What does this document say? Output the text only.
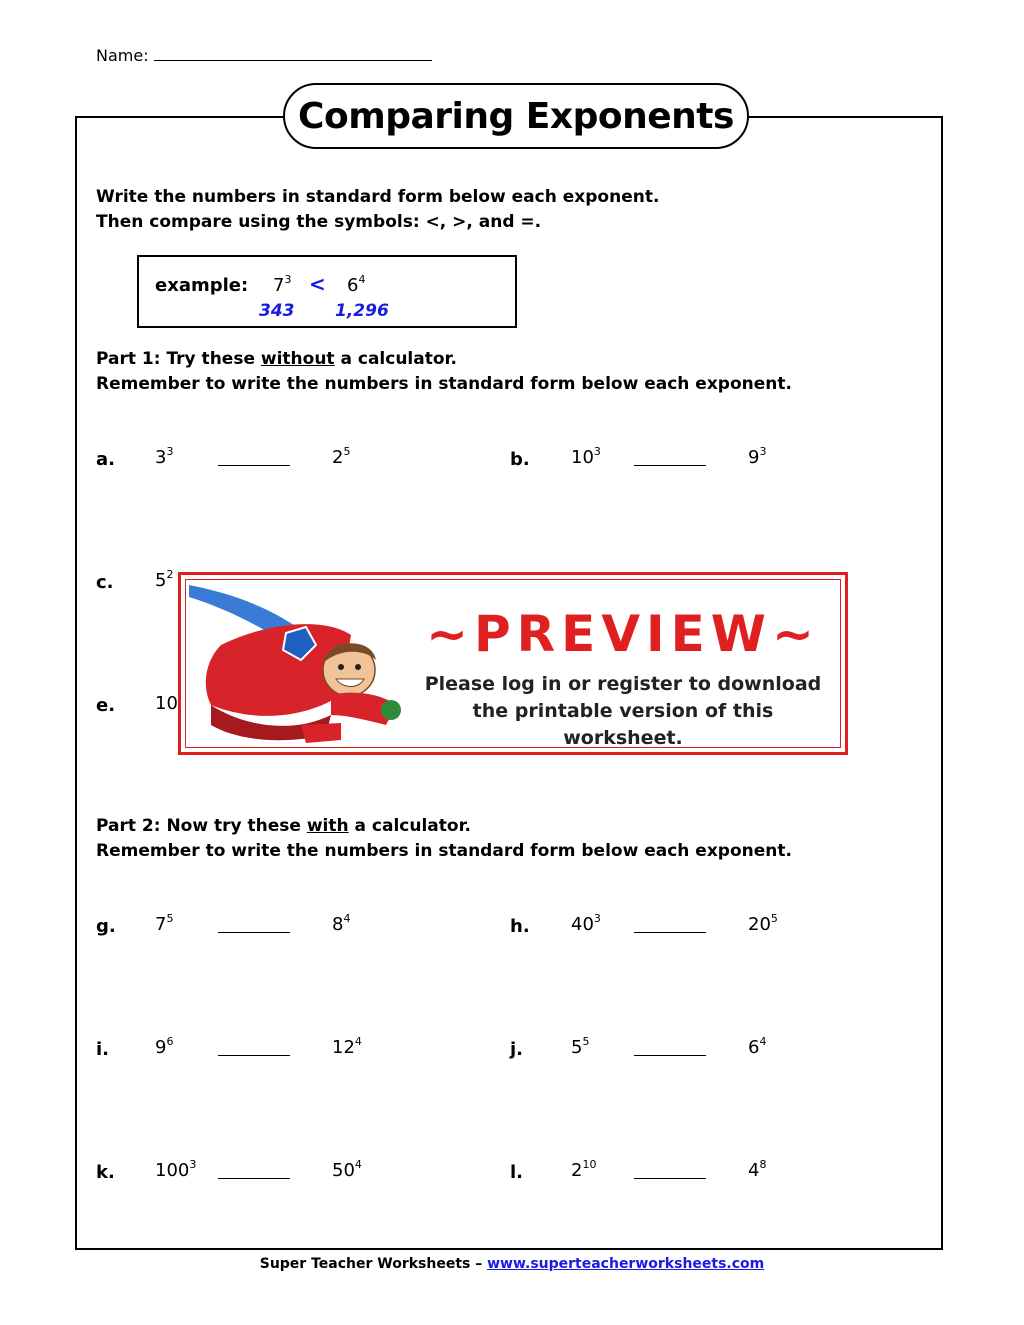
Name:
Comparing Exponents
Write the numbers in standard form below each exponent.
Then compare using the symbols: <, >, and =.
example: $7^3 < 6^4$
343 1,296
Part 1: Try these without a calculator.
Remember to write the numbers in standard form below each exponent.
a. $3^3$	$2^5$	b. $10^3$	$9^3$
c. $5^2$
e. 10
~PREVIEW~
Please log in or register to download
the printable version of this worksheet.
Part 2: Now try these with a calculator.
Remember to write the numbers in standard form below each exponent.
g. $7^5$	$8^4$	h. $40^3$	$20^5$
i.	$9^6$	$12^4$	j.	$5^5$	$6^4$
k. $100^3$	$50^4$	l.	$2^{10}$	$4^8$
Super Teacher Worksheets – www.superteacherworksheets.com
